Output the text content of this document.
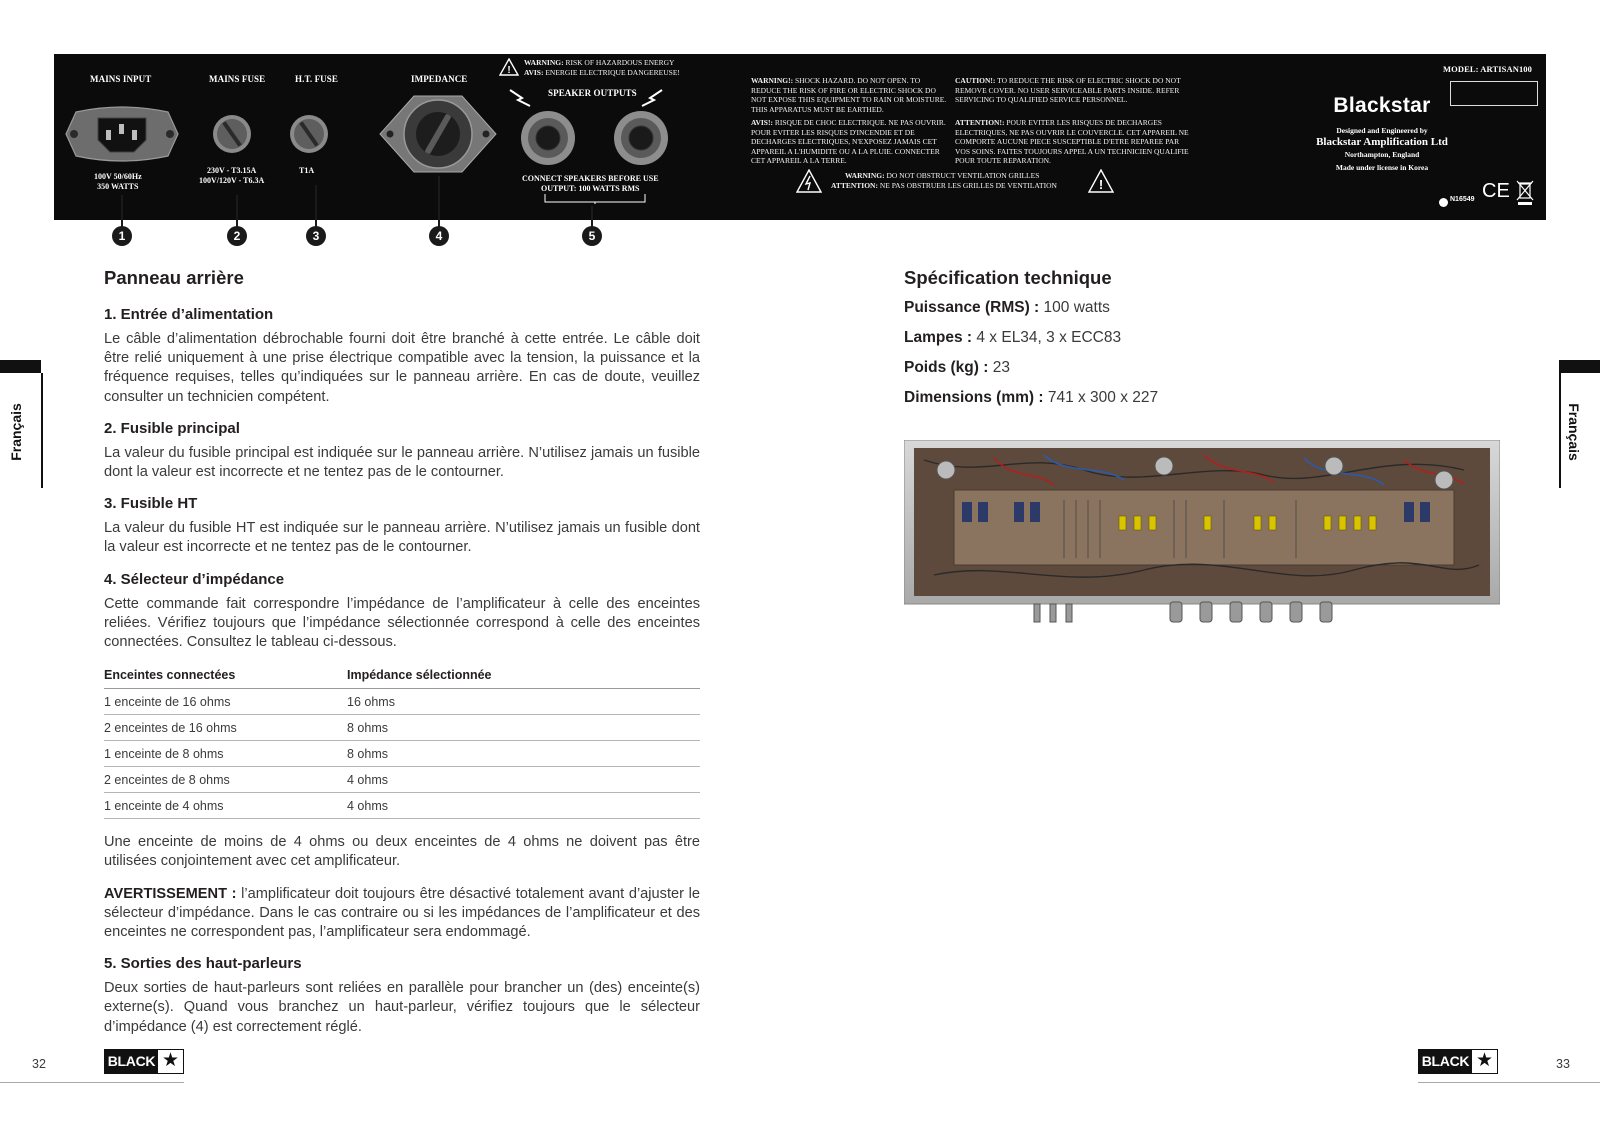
MAINS INPUT	MAINS FUSE	H.T. FUSE	IMPEDANCE
SPEAKER OUTPUTS
MODEL: ARTISAN100
!
WARNING: RISK OF HAZARDOUS ENERGY
AVIS: ENERGIE ELECTRIQUE DANGEREUSE!
100V 50/60Hz
350 WATTS
230V - T3.15A
100V/120V - T6.3A
T1A
CONNECT SPEAKERS BEFORE USE
OUTPUT: 100 WATTS RMS
WARNING!: SHOCK HAZARD. DO NOT OPEN. TO REDUCE THE RISK OF FIRE OR ELECTRIC SHOCK DO NOT EXPOSE THIS EQUIPMENT TO RAIN OR MOISTURE. THIS APPARATUS MUST BE EARTHED.
AVIS!: RISQUE DE CHOC ELECTRIQUE. NE PAS OUVRIR. POUR EVITER LES RISQUES D'INCENDIE ET DE DECHARGES ELECTRIQUES, N'EXPOSEZ JAMAIS CET APPAREIL A L'HUMIDITE OU A LA PLUIE. CONNECTER CET APPAREIL A LA TERRE.
CAUTION!: TO REDUCE THE RISK OF ELECTRIC SHOCK DO NOT REMOVE COVER. NO USER SERVICEABLE PARTS INSIDE. REFER SERVICING TO QUALIFIED SERVICE PERSONNEL.
ATTENTION!: POUR EVITER LES RISQUES DE DECHARGES ELECTRIQUES, NE PAS OUVRIR LE COUVERCLE. CET APPAREIL NE COMPORTE AUCUNE PIECE SUSCEPTIBLE D'ETRE REPAREE PAR VOS SOINS. FAITES TOUJOURS APPEL A UN TECHNICIEN QUALIFIE POUR TOUTE REPARATION.
WARNING: DO NOT OBSTRUCT VENTILATION GRILLES
ATTENTION: NE PAS OBSTRUER LES GRILLES DE VENTILATION	!
Blackstar
Designed and Engineered by
Blackstar Amplification Ltd
Northampton, England
Made under license in Korea
N16549 CE
1	2	3	4	5
Panneau arrière
1. Entrée d’alimentation

Le câble d’alimentation débrochable fourni doit être branché à cette entrée. Le câble doit être relié uniquement à une prise électrique compatible avec la tension, la puissance et la fréquence requises, telles qu’indiquées sur le panneau arrière. En cas de doute, veuillez consulter un technicien compétent.

2. Fusible principal

La valeur du fusible principal est indiquée sur le panneau arrière. N’utilisez jamais un fusible dont la valeur est incorrecte et ne tentez pas de le contourner.

3. Fusible HT

La valeur du fusible HT est indiquée sur le panneau arrière. N’utilisez jamais un fusible dont la valeur est incorrecte et ne tentez pas de le contourner.

4. Sélecteur d’impédance

Cette commande fait correspondre l’impédance de l’amplificateur à celle des enceintes reliées. Vérifiez toujours que l’impédance sélectionnée correspond à celle des enceintes connectées. Consultez le tableau ci-dessous.

Enceintes connectées	Impédance sélectionnée
1 enceinte de 16 ohms	16 ohms
2 enceintes de 16 ohms	8 ohms
1 enceinte de 8 ohms	8 ohms
2 enceintes de 8 ohms	4 ohms
1 enceinte de 4 ohms	4 ohms

Une enceinte de moins de 4 ohms ou deux enceintes de 4 ohms ne doivent pas être utilisées conjointement avec cet amplificateur.

AVERTISSEMENT : l’amplificateur doit toujours être désactivé totalement avant d’ajuster le sélecteur d’impédance. Dans le cas contraire ou si les impédances de l’amplificateur et des enceintes ne correspondent pas, l’amplificateur sera endommagé.

5. Sorties des haut-parleurs

Deux sorties de haut-parleurs sont reliées en parallèle pour brancher un (des) enceinte(s) externe(s). Quand vous branchez un haut-parleur, vérifiez toujours que le sélecteur d’impédance (4) est correctement réglé.

Spécification technique
Puissance (RMS) : 100 watts
Lampes : 4 x EL34, 3 x ECC83
Poids (kg) : 23
Dimensions (mm) : 741 x 300 x 227
Français	Français
32	BLACK ★	33
BLACK ★
